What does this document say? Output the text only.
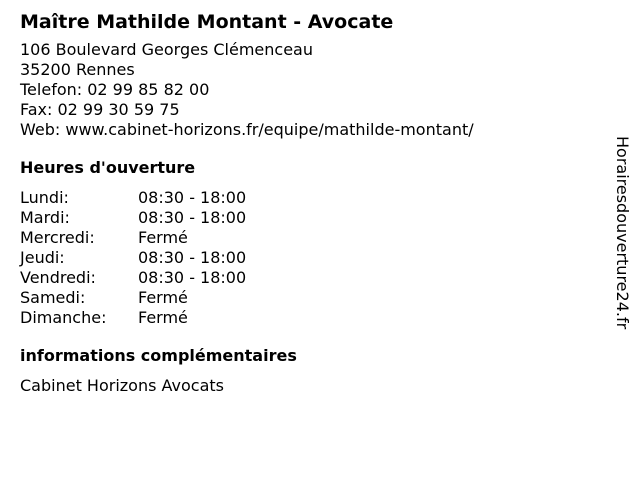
Maître Mathilde Montant - Avocate
106 Boulevard Georges Clémenceau
35200 Rennes
Telefon: 02 99 85 82 00
Fax: 02 99 30 59 75
Web: www.cabinet-horizons.fr/equipe/mathilde-montant/
Heures d'ouverture
Lundi:	08:30 - 18:00
Mardi:	08:30 - 18:00
Mercredi:	Fermé
Jeudi:	08:30 - 18:00
Vendredi:	08:30 - 18:00
Samedi:	Fermé
Dimanche:	Fermé
informations complémentaires
Cabinet Horizons Avocats
Horairesdouverture24.fr
